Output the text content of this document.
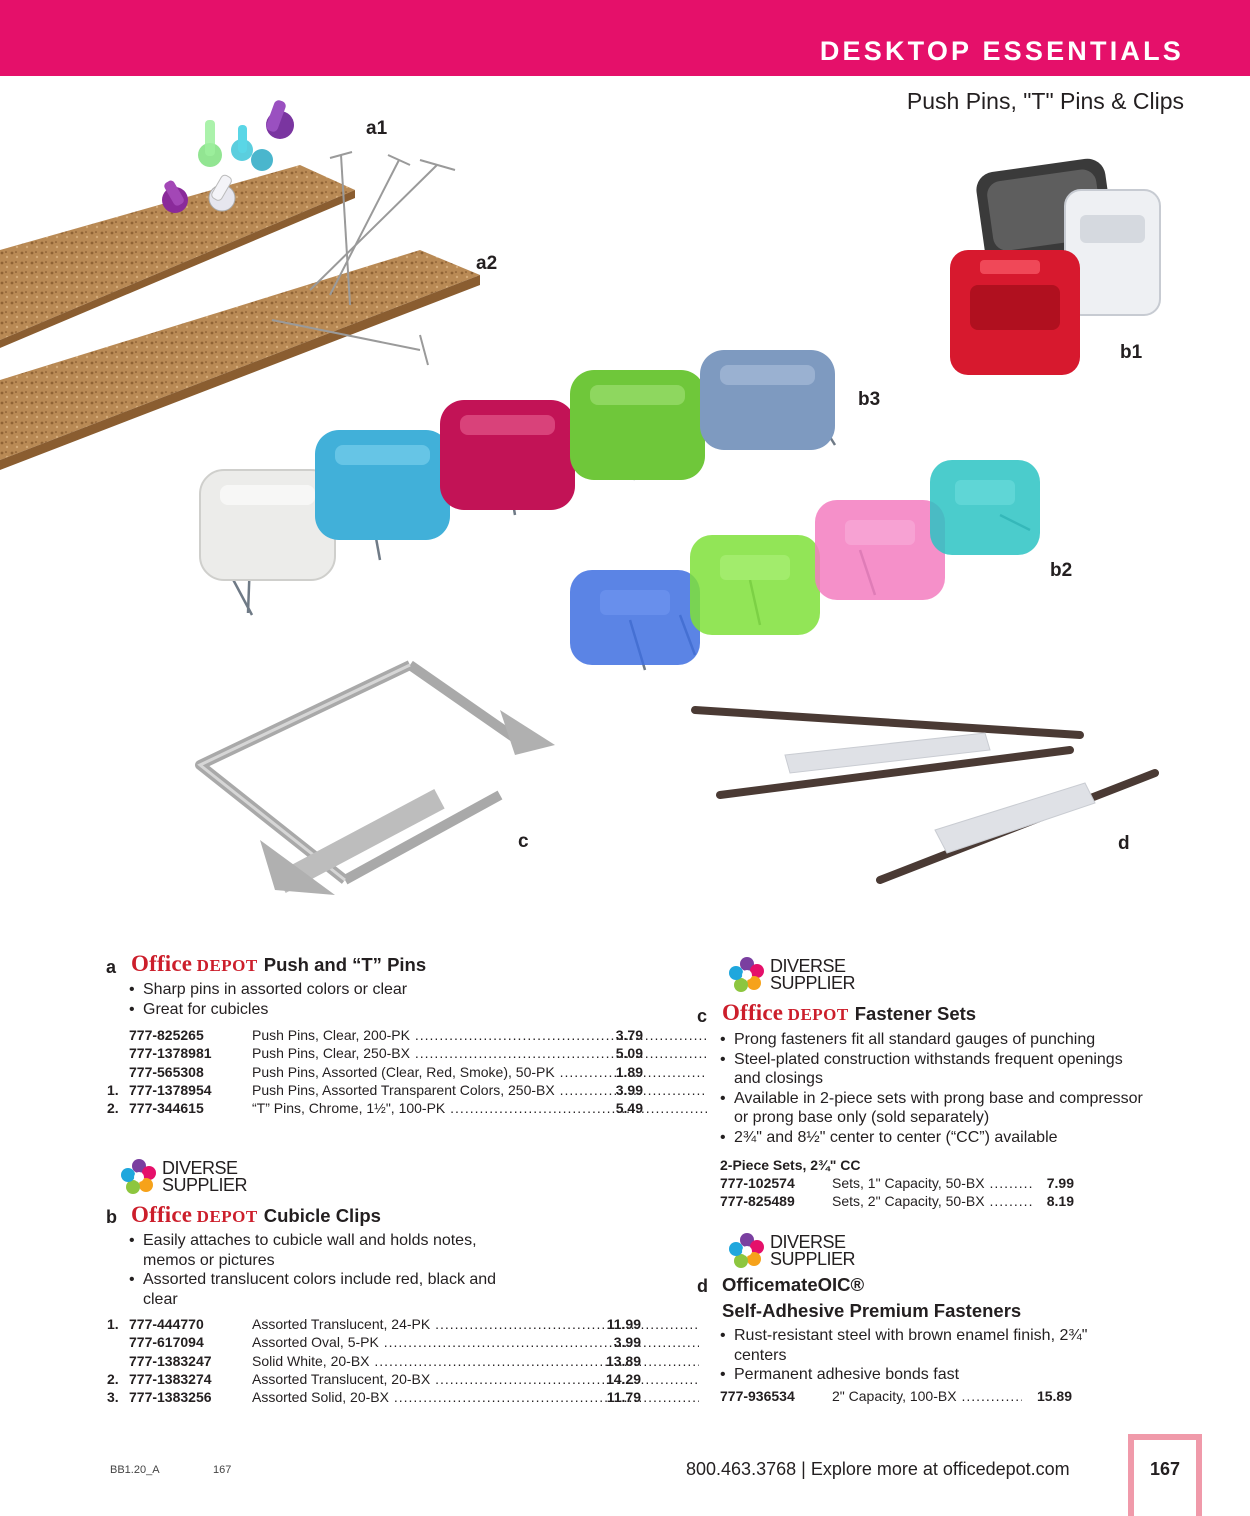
DESKTOP ESSENTIALS
Push Pins, "T" Pins & Clips
a1
a2
b1
b3
b2
c	d
a Office DEPOT Push and “T” Pins
• Sharp pins in assorted colors or clear
• Great for cubicles
777-825265	Push Pins, Clear, 200-PK .....	3.79
777-1378981	Push Pins, Clear, 250-BX .....	5.09
777-565308	Push Pins, Assorted (Clear, Red, Smoke), 50-PK .....	1.89
1. 777-1378954	Push Pins, Assorted Transparent Colors, 250-BX .....	3.99
2. 777-344615	“T” Pins, Chrome, 1½", 100-PK .....	5.49
DIVERSE
SUPPLIER
b Office DEPOT Cubicle Clips
• Easily attaches to cubicle wall and holds notes, memos or pictures
• Assorted translucent colors include red, black and clear
1. 777-444770	Assorted Translucent, 24-PK .....	11.99
777-617094	Assorted Oval, 5-PK .....	3.99
777-1383247	Solid White, 20-BX .....	13.89
2. 777-1383274	Assorted Translucent, 20-BX .....	14.29
3. 777-1383256	Assorted Solid, 20-BX .....	11.79
DIVERSE
SUPPLIER
c Office DEPOT Fastener Sets
• Prong fasteners fit all standard gauges of punching
• Steel-plated construction withstands frequent openings and closings
• Available in 2-piece sets with prong base and compressor or prong base only (sold separately)
• 2¾" and 8½" center to center (“CC”) available
2-Piece Sets, 2¾" CC
777-102574	Sets, 1" Capacity, 50-BX .....	7.99
777-825489	Sets, 2" Capacity, 50-BX .....	8.19
DIVERSE
SUPPLIER
d OfficemateOIC®
Self-Adhesive Premium Fasteners
• Rust-resistant steel with brown enamel finish, 2¾" centers
• Permanent adhesive bonds fast
777-936534	2" Capacity, 100-BX .....	15.89
BB1.20_A	167	800.463.3768 | Explore more at officedepot.com	167
